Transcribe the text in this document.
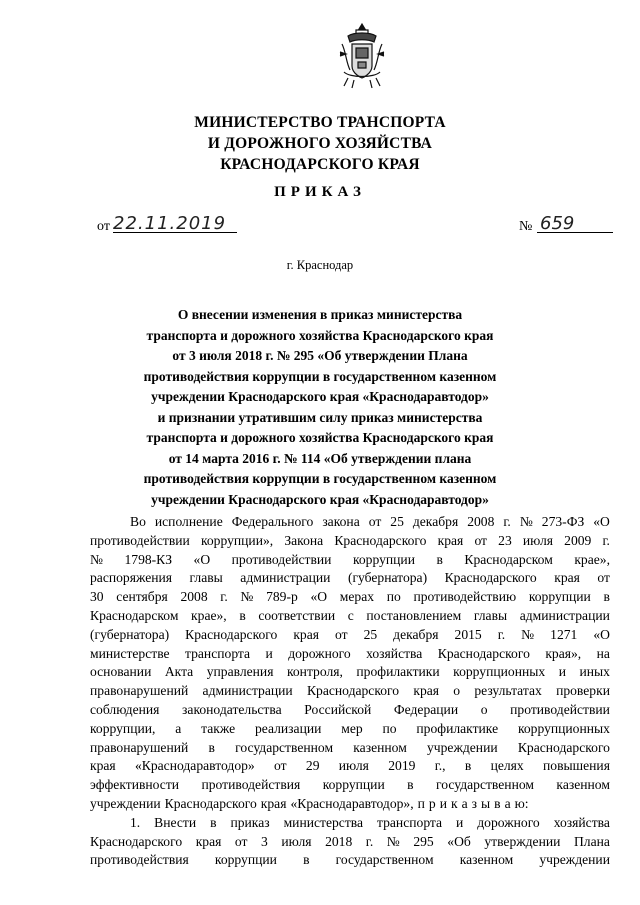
МИНИСТЕРСТВО ТРАНСПОРТА
И ДОРОЖНОГО ХОЗЯЙСТВА
КРАСНОДАРСКОГО КРАЯ
ПРИКАЗ
от 22.11.2019	№ 659
г. Краснодар
О внесении изменения в приказ министерства
транспорта и дорожного хозяйства Краснодарского края
от 3 июля 2018 г. № 295 «Об утверждении Плана
противодействия коррупции в государственном казенном
учреждении Краснодарского края «Краснодаравтодор»
и признании утратившим силу приказ министерства
транспорта и дорожного хозяйства Краснодарского края
от 14 марта 2016 г. № 114 «Об утверждении плана
противодействия коррупции в государственном казенном
учреждении Краснодарского края «Краснодаравтодор»
Во исполнение Федерального закона от 25 декабря 2008 г. № 273-ФЗ «О
противодействии коррупции», Закона Краснодарского края от 23 июля 2009 г.
№ 1798-КЗ «О противодействии коррупции в Краснодарском крае»,
распоряжения главы администрации (губернатора) Краснодарского края от
30 сентября 2008 г. № 789-р «О мерах по противодействию коррупции в
Краснодарском крае», в соответствии с постановлением главы администрации
(губернатора) Краснодарского края от 25 декабря 2015 г. № 1271 «О
министерстве транспорта и дорожного хозяйства Краснодарского края», на
основании Акта управления контроля, профилактики коррупционных и иных
правонарушений администрации Краснодарского края о результатах проверки
соблюдения законодательства Российской Федерации о противодействии
коррупции, а также реализации мер по профилактике коррупционных
правонарушений в государственном казенном учреждении Краснодарского
края «Краснодаравтодор» от 29 июля 2019 г., в целях повышения
эффективности противодействия коррупции в государственном казенном
учреждении Краснодарского края «Краснодаравтодор», п р и к а з ы в а ю:
1. Внести в приказ министерства транспорта и дорожного хозяйства
Краснодарского края от 3 июля 2018 г. № 295 «Об утверждении Плана
противодействия коррупции в государственном казенном учреждении
